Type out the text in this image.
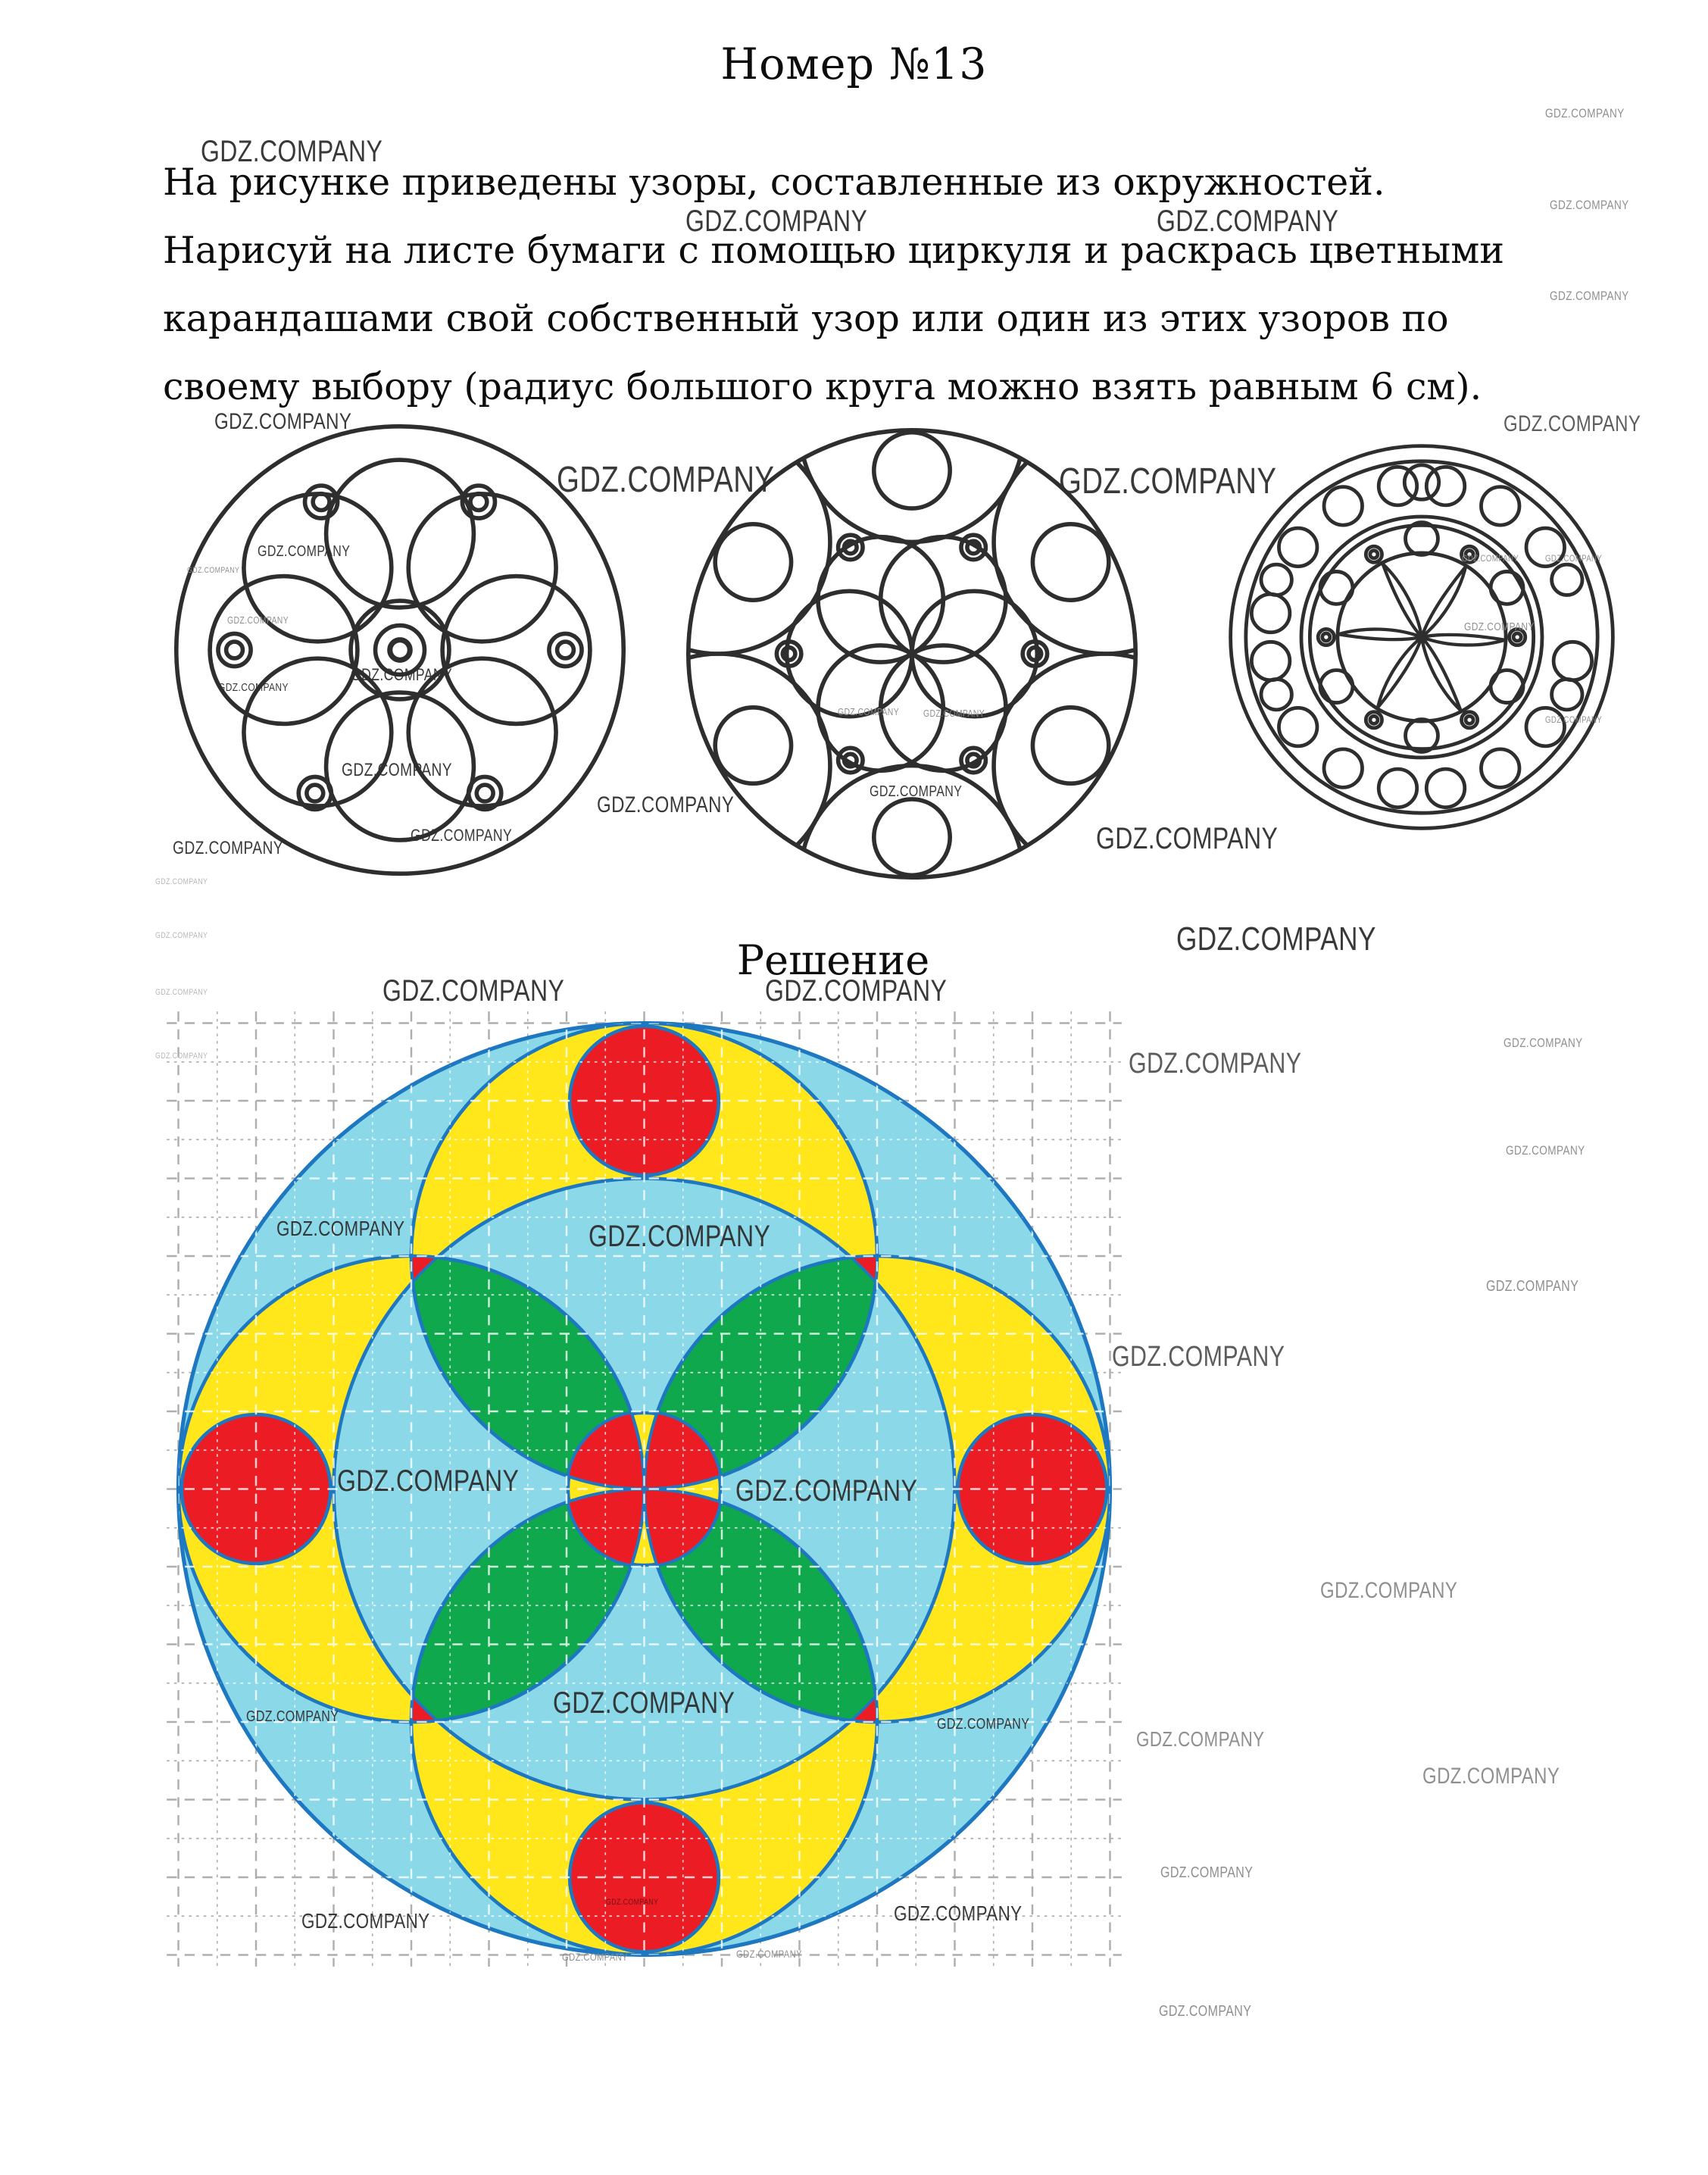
Номер №13
На рисунке приведены узоры, составленные из окружностей.
Нарисуй на листе бумаги с помощью циркуля и раскрась цветными
карандашами свой собственный узор или один из этих узоров по
своему выбору (радиус большого круга можно взять равным 6 см).
Решение
GDZ.COMPANY
GDZ.COMPANY	GDZ.COMPANY
GDZ.COMPANY
GDZ.COMPANY
GDZ.COMPANY
GDZ.COMPANY
GDZ.COMPANY	GDZ.COMPANY
GDZ.COMPANY
GDZ.COMPANY
GDZ.COMPANY
GDZ.COMPANY
GDZ.COMPANY
GDZ.COMPANY
GDZ.COMPANY
GDZ.COMPANY
GDZ.COMPANY
GDZ.COMPANY
GDZ.COMPANY GDZ.COMPANY
GDZ.COMPANY
GDZ.COMPANY
GDZ.COMPANY	GDZ.COMPANY
GDZ.COMPANY
GDZ.COMPANY
GDZ.COMPANY
GDZ.COMPANY
GDZ.COMPANY
GDZ.COMPANY
GDZ.COMPANY
GDZ.COMPANY	GDZ.COMPANY
GDZ.COMPANY
GDZ.COMPANY
GDZ.COMPANY
GDZ.COMPANY
GDZ.COMPANY
GDZ.COMPANY
GDZ.COMPANY
GDZ.COMPANY
GDZ.COMPANY
GDZ.COMPANY
GDZ.COMPANY	GDZ.COMPANY
GDZ.COMPANY	GDZ.COMPANY
GDZ.COMPANY
GDZ.COMPANY	GDZ.COMPANY
GDZ.COMPANY	GDZ.COMPANY
GDZ.COMPANY
GDZ.COMPANY	GDZ.COMPANY
